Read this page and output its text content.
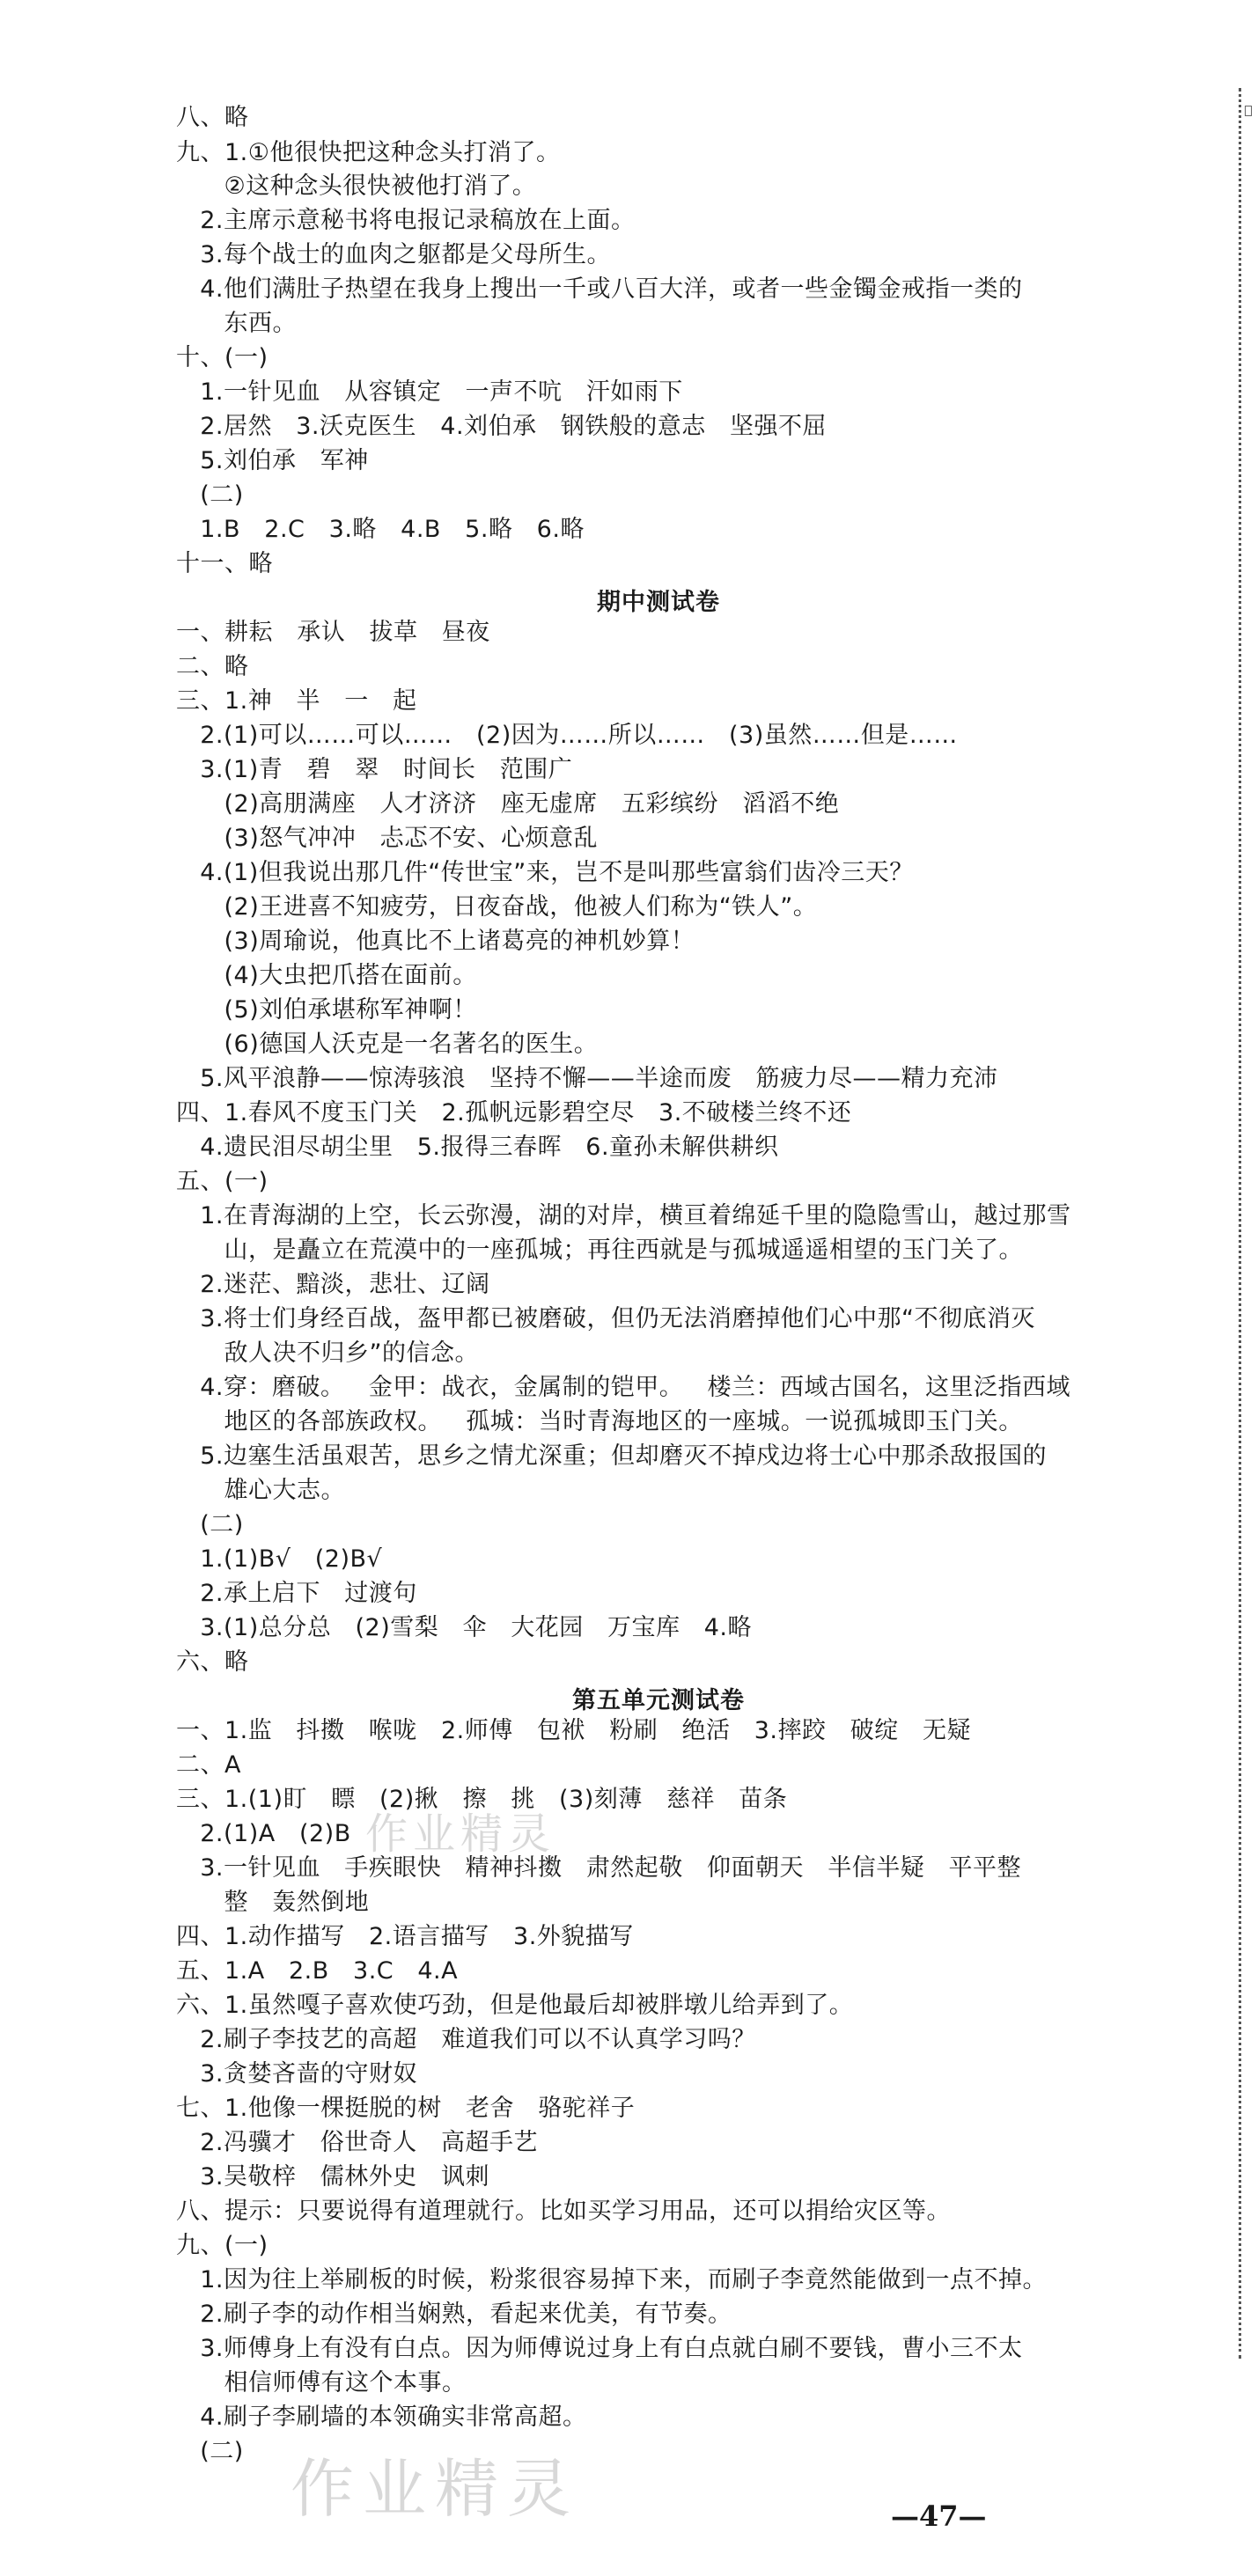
八、略
九、1.①他很快把这种念头打消了。
②这种念头很快被他打消了。
2.主席示意秘书将电报记录稿放在上面。
3.每个战士的血肉之躯都是父母所生。
4.他们满肚子热望在我身上搜出一千或八百大洋，或者一些金镯金戒指一类的
东西。
十、(一)
1.一针见血   从容镇定   一声不吭   汗如雨下
2.居然   3.沃克医生   4.刘伯承   钢铁般的意志   坚强不屈
5.刘伯承   军神
(二)
1.B   2.C   3.略   4.B   5.略   6.略
十一、略
期中测试卷
一、耕耘   承认   拔草   昼夜
二、略
三、1.神   半   一   起
2.(1)可以……可以……   (2)因为……所以……   (3)虽然……但是……
3.(1)青   碧   翠   时间长   范围广
(2)高朋满座   人才济济   座无虚席   五彩缤纷   滔滔不绝
(3)怒气冲冲   忐忑不安、心烦意乱
4.(1)但我说出那几件“传世宝”来，岂不是叫那些富翁们齿冷三天？
(2)王进喜不知疲劳，日夜奋战，他被人们称为“铁人”。
(3)周瑜说，他真比不上诸葛亮的神机妙算！
(4)大虫把爪搭在面前。
(5)刘伯承堪称军神啊！
(6)德国人沃克是一名著名的医生。
5.风平浪静——惊涛骇浪   坚持不懈——半途而废   筋疲力尽——精力充沛
四、1.春风不度玉门关   2.孤帆远影碧空尽   3.不破楼兰终不还
4.遗民泪尽胡尘里   5.报得三春晖   6.童孙未解供耕织
五、(一)
1.在青海湖的上空，长云弥漫，湖的对岸，横亘着绵延千里的隐隐雪山，越过那雪
山，是矗立在荒漠中的一座孤城；再往西就是与孤城遥遥相望的玉门关了。
2.迷茫、黯淡，悲壮、辽阔
3.将士们身经百战，盔甲都已被磨破，但仍无法消磨掉他们心中那“不彻底消灭
敌人决不归乡”的信念。
4.穿：磨破。   金甲：战衣，金属制的铠甲。   楼兰：西域古国名，这里泛指西域
地区的各部族政权。   孤城：当时青海地区的一座城。一说孤城即玉门关。
5.边塞生活虽艰苦，思乡之情尤深重；但却磨灭不掉戍边将士心中那杀敌报国的
雄心大志。
(二)
1.(1)B√   (2)B√
2.承上启下   过渡句
3.(1)总分总   (2)雪梨   伞   大花园   万宝库   4.略
六、略
第五单元测试卷
一、1.监   抖擞   喉咙   2.师傅   包袱   粉刷   绝活   3.摔跤   破绽   无疑
二、A
三、1.(1)盯   瞟   (2)揪   擦   挑   (3)刻薄   慈祥   苗条
2.(1)A   (2)B
3.一针见血   手疾眼快   精神抖擞   肃然起敬   仰面朝天   半信半疑   平平整
整   轰然倒地
四、1.动作描写   2.语言描写   3.外貌描写
五、1.A   2.B   3.C   4.A
六、1.虽然嘎子喜欢使巧劲，但是他最后却被胖墩儿给弄到了。
2.刷子李技艺的高超   难道我们可以不认真学习吗？
3.贪婪吝啬的守财奴
七、1.他像一棵挺脱的树   老舍   骆驼祥子
2.冯骥才   俗世奇人   高超手艺
3.吴敬梓   儒林外史   讽刺
八、提示：只要说得有道理就行。比如买学习用品，还可以捐给灾区等。
九、(一)
1.因为往上举刷板的时候，粉浆很容易掉下来，而刷子李竟然能做到一点不掉。
2.刷子李的动作相当娴熟，看起来优美，有节奏。
3.师傅身上有没有白点。因为师傅说过身上有白点就白刷不要钱，曹小三不太
相信师傅有这个本事。
4.刷子李刷墙的本领确实非常高超。
(二)
作业精灵
作业精灵	—47—
